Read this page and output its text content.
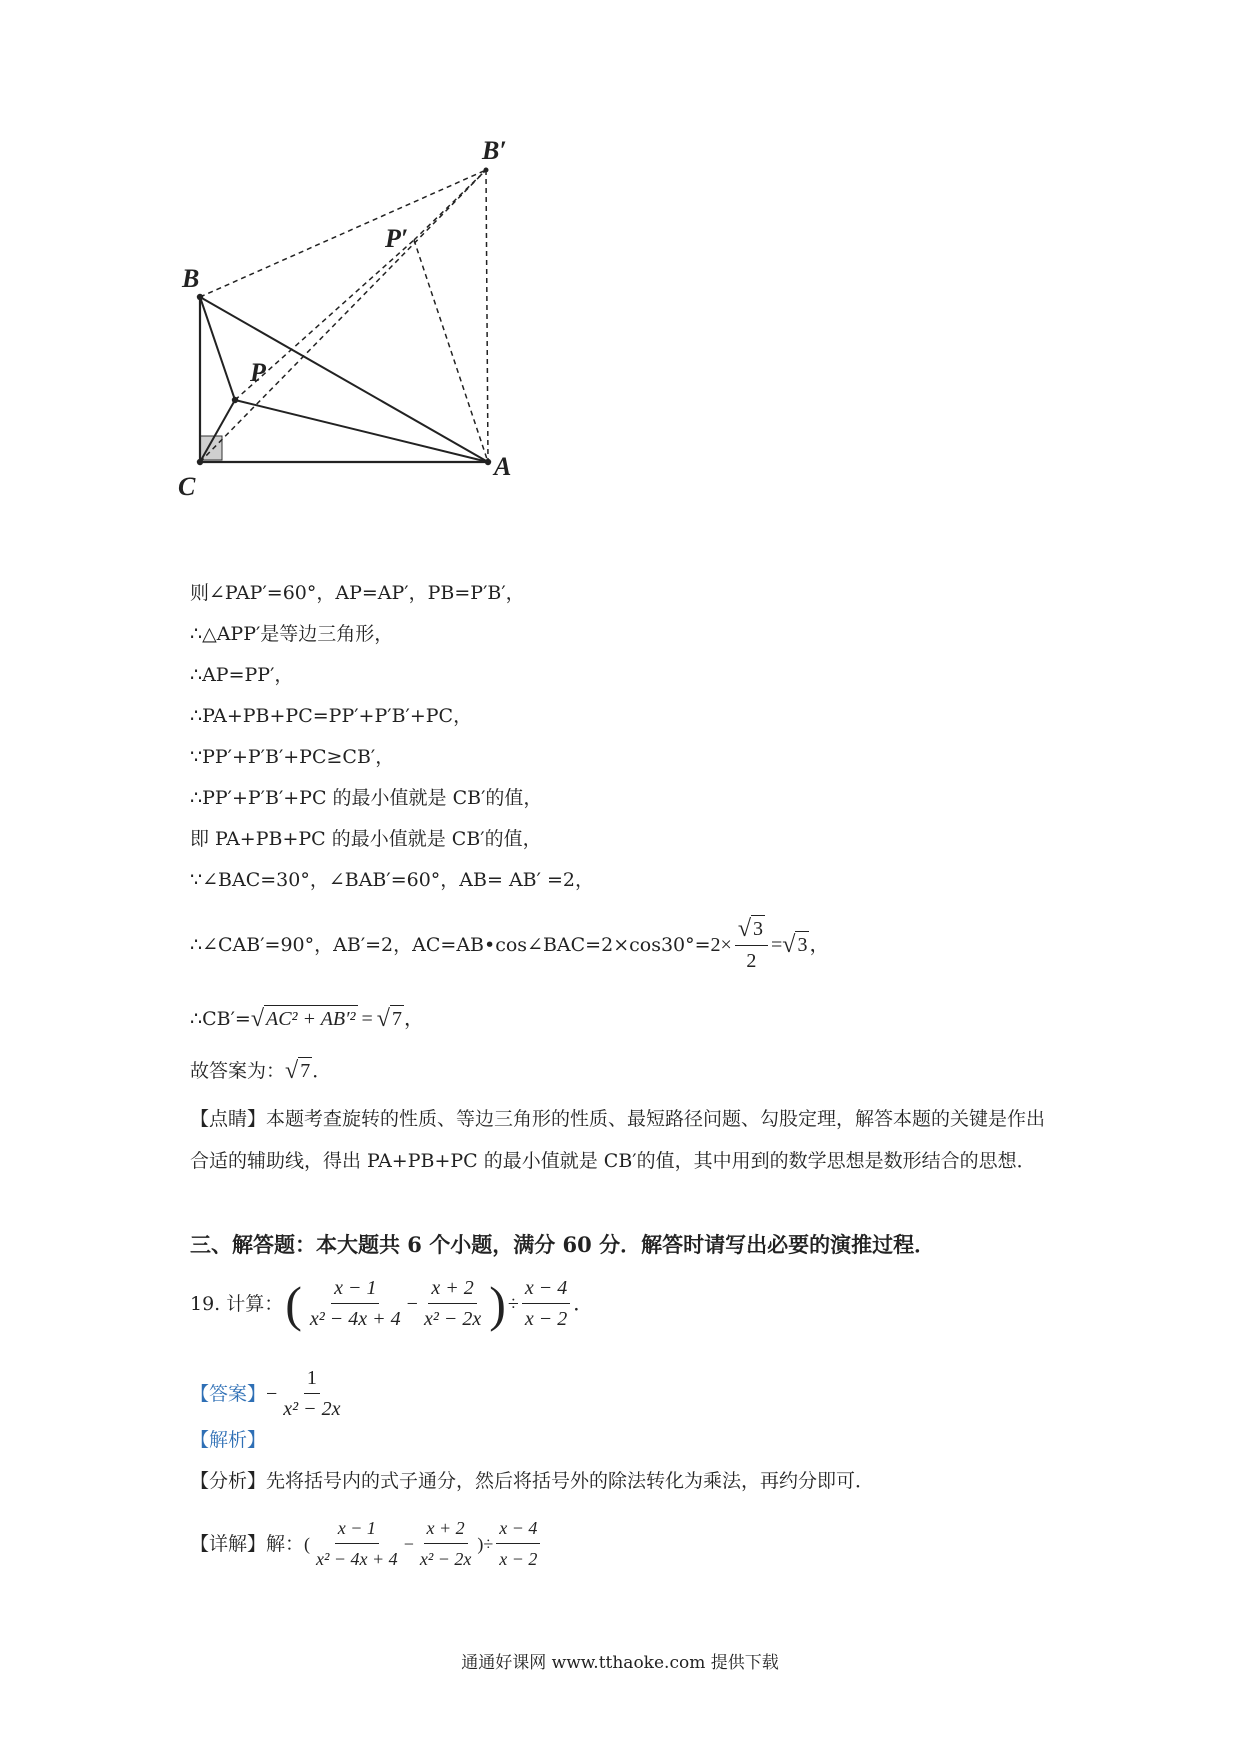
B′
P′
B
P
C
A
则∠PAP′=60°，AP=AP′，PB=P′B′，
∴△APP′是等边三角形，
∴AP=PP′，
∴PA+PB+PC=PP′+P′B′+PC，
∵PP′+P′B′+PC≥CB′，
∴PP′+P′B′+PC 的最小值就是 CB′的值，
即 PA+PB+PC 的最小值就是 CB′的值，
∵∠BAC=30°，∠BAB′=60°，AB= AB′ =2，
∴∠CAB′=90°，AB′=2，AC=AB•cos∠BAC=2×cos30°= $2\times \frac{√ 3}{2}$ = √ 3 ，
∴CB′= √ AC² + AB′² = √ 7 ，
故答案为： √ 7 ．
【点睛】本题考查旋转的性质、等边三角形的性质、最短路径问题、勾股定理，解答本题的关键是作出合适的辅助线，得出 PA+PB+PC 的最小值就是 CB′的值，其中用到的数学思想是数形结合的思想．
三、解答题：本大题共 6 个小题，满分 60 分．解答时请写出必要的演推过程．
19. 计算： ( $\frac{x - 1}{\text{x² − 4x + 4}} - \frac{x + 2}{\text{x² − 2x}}$ ) ÷ $\frac{x - 4}{x - 2}$ ．
【答案】 − $\frac{1}{\text{x² − 2x}}$
【解析】
【分析】先将括号内的式子通分，然后将括号外的除法转化为乘法，再约分即可．
【详解】解： ( $\frac{x - 1}{\text{x² − 4x + 4}} - \frac{x + 2}{\text{x² − 2x}}$ ) ÷ $\frac{x - 4}{x - 2}$
通通好课网 www.tthaoke.com 提供下载
